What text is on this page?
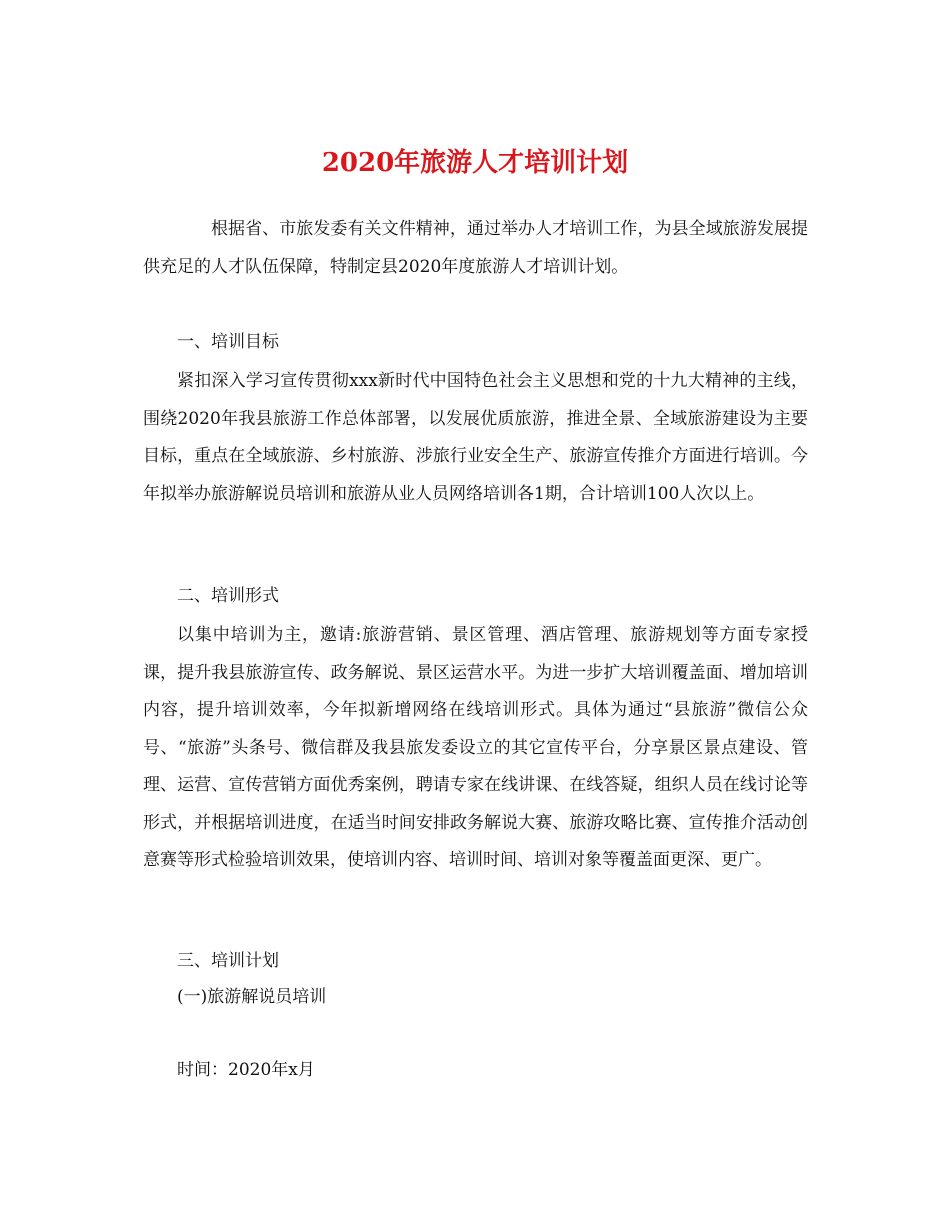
2020年旅游人才培训计划

根据省、市旅发委有关文件精神，通过举办人才培训工作，为县全域旅游发展提供充足的人才队伍保障，特制定县2020年度旅游人才培训计划。

一、培训目标

紧扣深入学习宣传贯彻xxx新时代中国特色社会主义思想和党的十九大精神的主线，围绕2020年我县旅游工作总体部署，以发展优质旅游，推进全景、全域旅游建设为主要目标，重点在全域旅游、乡村旅游、涉旅行业安全生产、旅游宣传推介方面进行培训。今年拟举办旅游解说员培训和旅游从业人员网络培训各1期，合计培训100人次以上。

二、培训形式

以集中培训为主，邀请:旅游营销、景区管理、酒店管理、旅游规划等方面专家授课，提升我县旅游宣传、政务解说、景区运营水平。为进一步扩大培训覆盖面、增加培训内容，提升培训效率，今年拟新增网络在线培训形式。具体为通过“县旅游”微信公众号、“旅游”头条号、微信群及我县旅发委设立的其它宣传平台，分享景区景点建设、管理、运营、宣传营销方面优秀案例，聘请专家在线讲课、在线答疑，组织人员在线讨论等形式，并根据培训进度，在适当时间安排政务解说大赛、旅游攻略比赛、宣传推介活动创意赛等形式检验培训效果，使培训内容、培训时间、培训对象等覆盖面更深、更广。

三、培训计划

(一)旅游解说员培训

时间：2020年x月
